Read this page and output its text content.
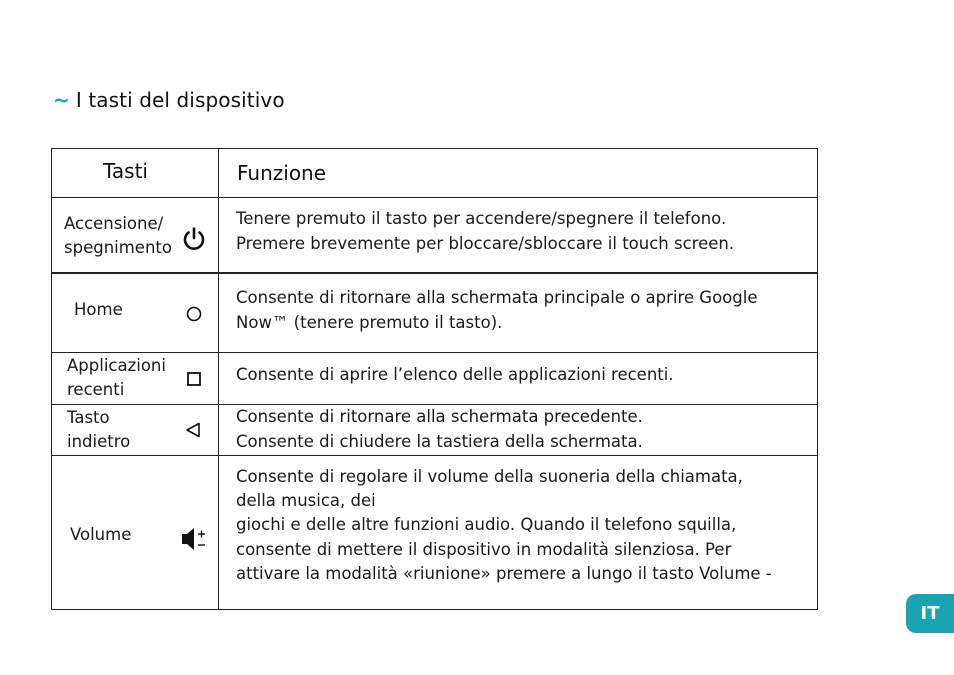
~ I tasti del dispositivo
Tasti	Funzione
Accensione/
spegnimento
Tenere premuto il tasto per accendere/spegnere il telefono.
Premere brevemente per bloccare/sbloccare il touch screen.
Home
Consente di ritornare alla schermata principale o aprire Google
Now™ (tenere premuto il tasto).
Applicazioni
recenti
Consente di aprire l’elenco delle applicazioni recenti.
Tasto
indietro
Consente di ritornare alla schermata precedente.
Consente di chiudere la tastiera della schermata.
Volume
Consente di regolare il volume della suoneria della chiamata,
della musica, dei
giochi e delle altre funzioni audio. Quando il telefono squilla,
consente di mettere il dispositivo in modalità silenziosa. Per
attivare la modalità «riunione» premere a lungo il tasto Volume -
IT
